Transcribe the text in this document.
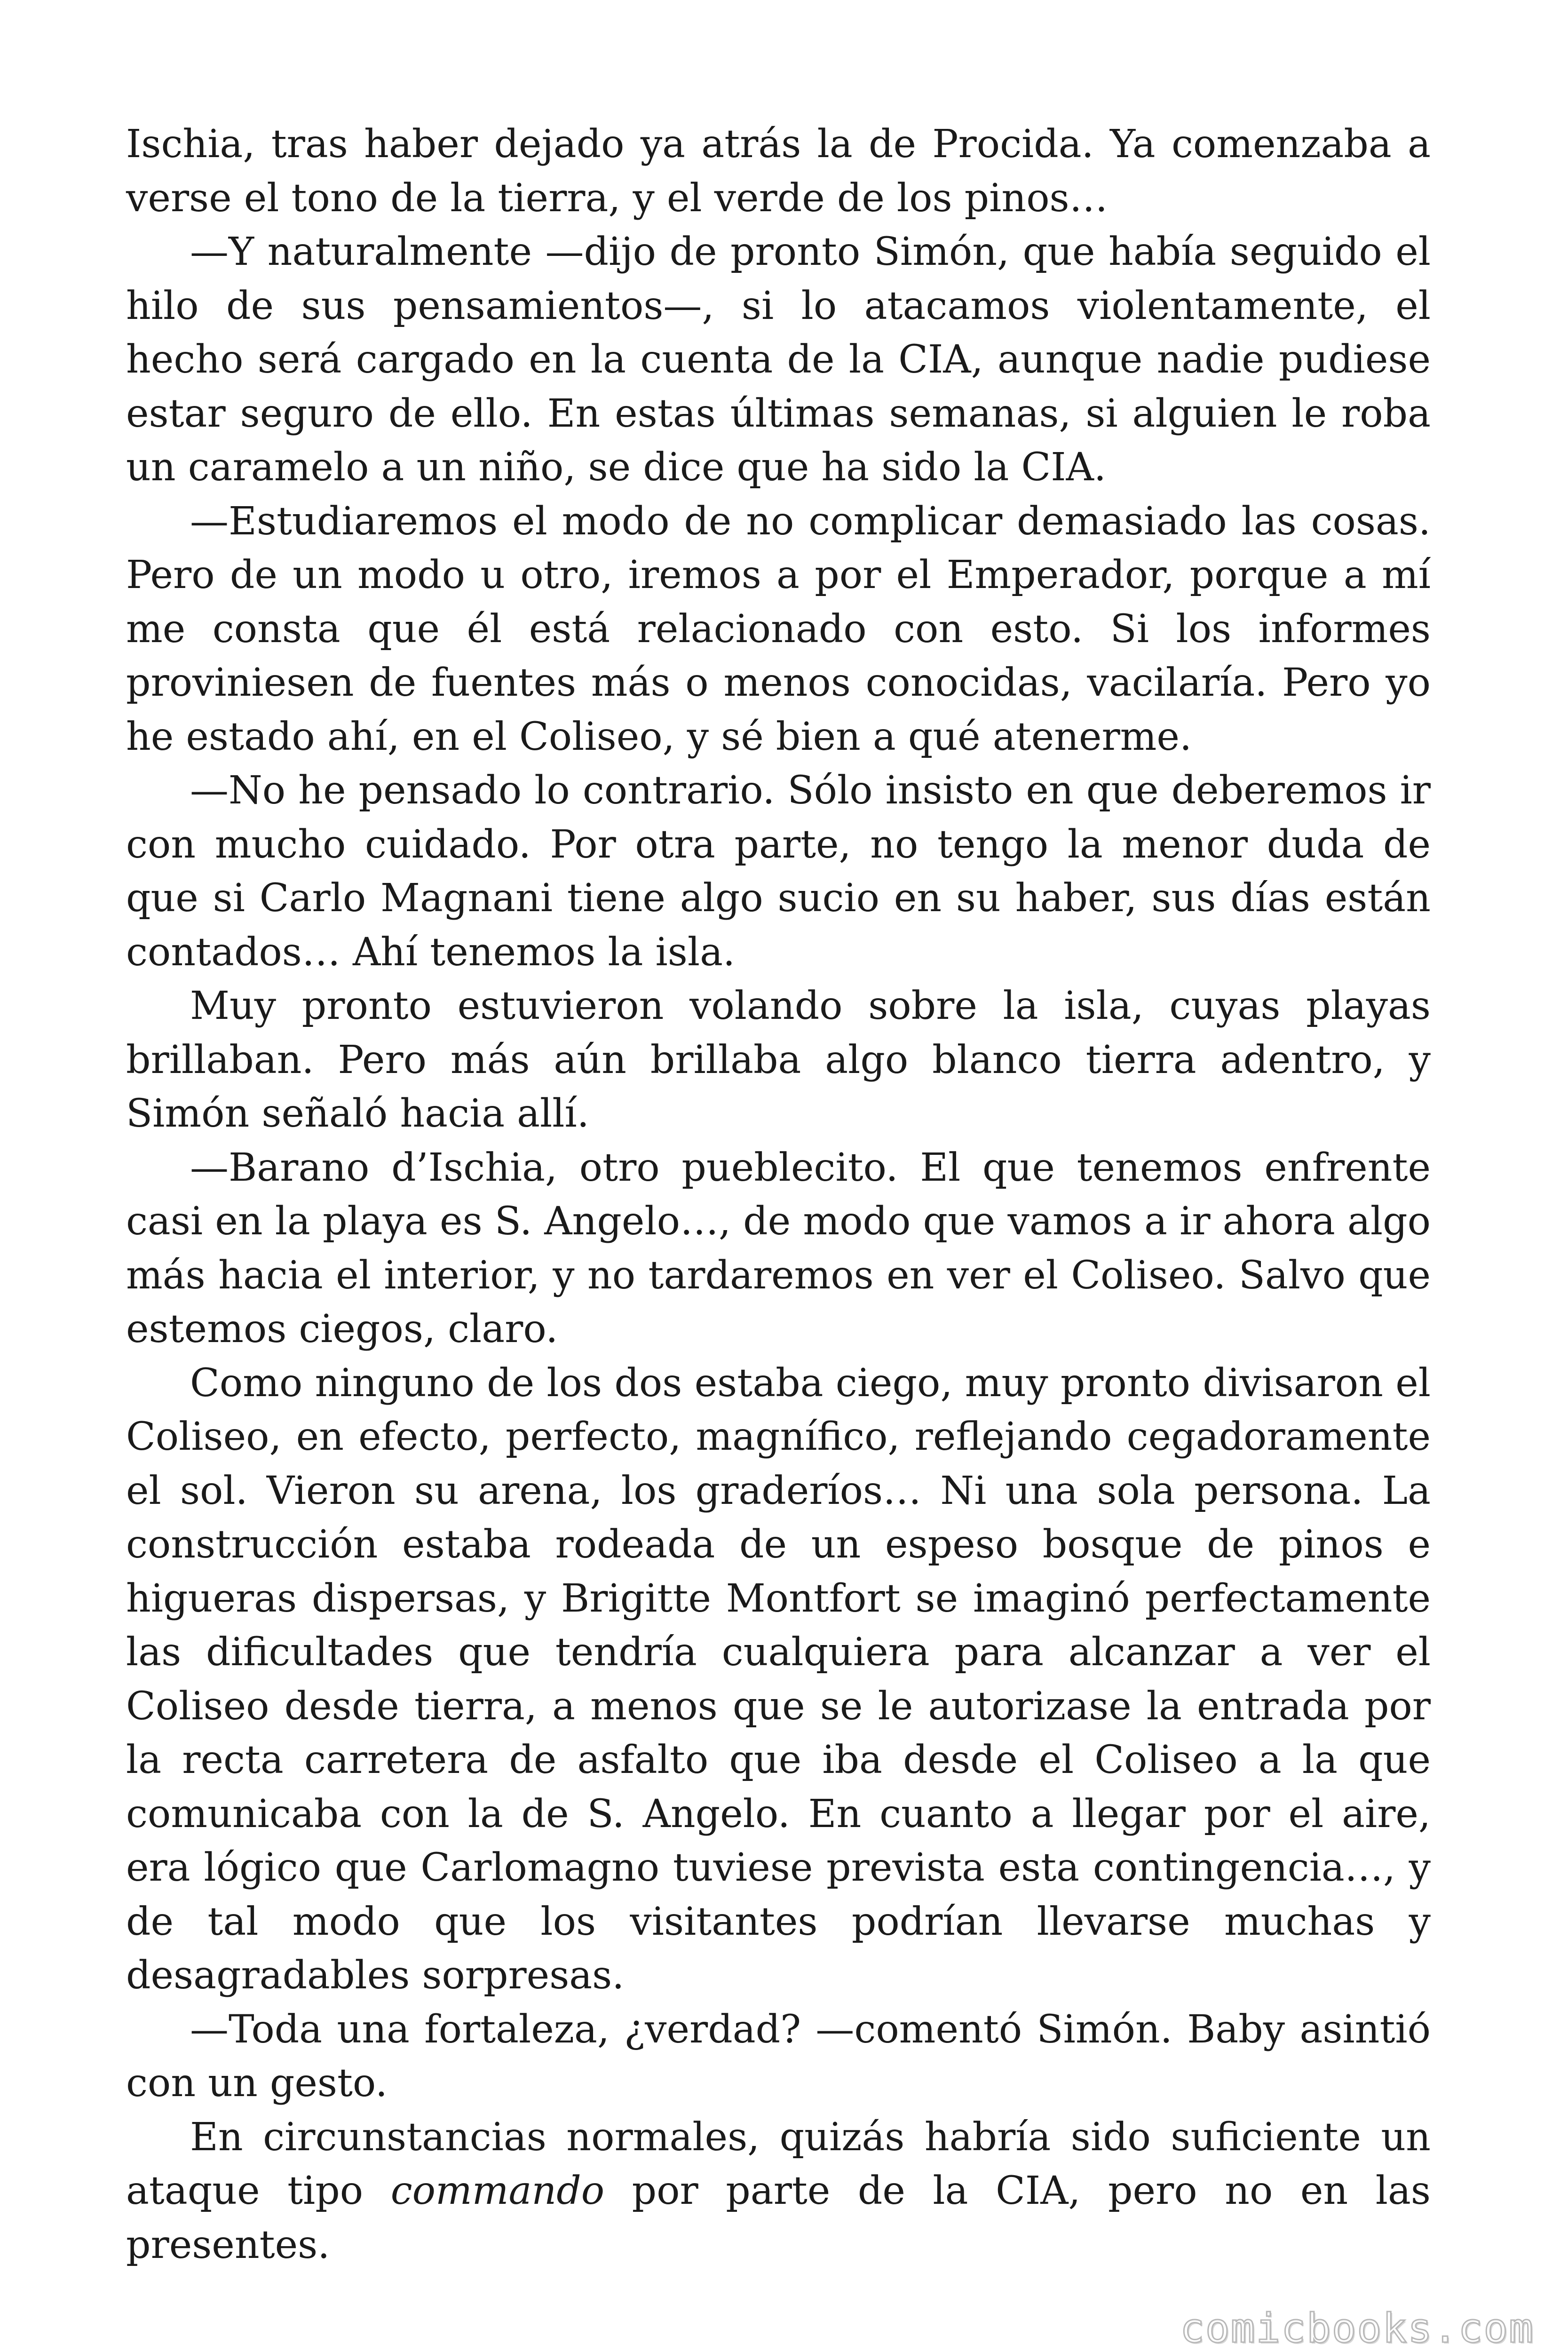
Ischia, tras haber dejado ya atrás la de Procida. Ya comenzaba a verse el tono de la tierra, y el verde de los pinos…

—Y naturalmente —dijo de pronto Simón, que había seguido el hilo de sus pensamientos—, si lo atacamos violentamente, el hecho será cargado en la cuenta de la CIA, aunque nadie pudiese estar seguro de ello. En estas últimas semanas, si alguien le roba un caramelo a un niño, se dice que ha sido la CIA.

—Estudiaremos el modo de no complicar demasiado las cosas. Pero de un modo u otro, iremos a por el Emperador, porque a mí me consta que él está relacionado con esto. Si los informes proviniesen de fuentes más o menos conocidas, vacilaría. Pero yo he estado ahí, en el Coliseo, y sé bien a qué atenerme.

—No he pensado lo contrario. Sólo insisto en que deberemos ir con mucho cuidado. Por otra parte, no tengo la menor duda de que si Carlo Magnani tiene algo sucio en su haber, sus días están contados… Ahí tenemos la isla.

Muy pronto estuvieron volando sobre la isla, cuyas playas brillaban. Pero más aún brillaba algo blanco tierra adentro, y Simón señaló hacia allí.

—Barano d’Ischia, otro pueblecito. El que tenemos enfrente casi en la playa es S. Angelo…, de modo que vamos a ir ahora algo más hacia el interior, y no tardaremos en ver el Coliseo. Salvo que estemos ciegos, claro.

Como ninguno de los dos estaba ciego, muy pronto divisaron el Coliseo, en efecto, perfecto, magnífico, reflejando cegadoramente el sol. Vieron su arena, los graderíos… Ni una sola persona. La construcción estaba rodeada de un espeso bosque de pinos e higueras dispersas, y Brigitte Montfort se imaginó perfectamente las dificultades que tendría cualquiera para alcanzar a ver el Coliseo desde tierra, a menos que se le autorizase la entrada por la recta carretera de asfalto que iba desde el Coliseo a la que comunicaba con la de S. Angelo. En cuanto a llegar por el aire, era lógico que Carlomagno tuviese prevista esta contingencia…, y de tal modo que los visitantes podrían llevarse muchas y desagradables sorpresas.

—Toda una fortaleza, ¿verdad? —comentó Simón. Baby asintió con un gesto.

En circunstancias normales, quizás habría sido suficiente un ataque tipo commando por parte de la CIA, pero no en las presentes.

comicbooks.com
